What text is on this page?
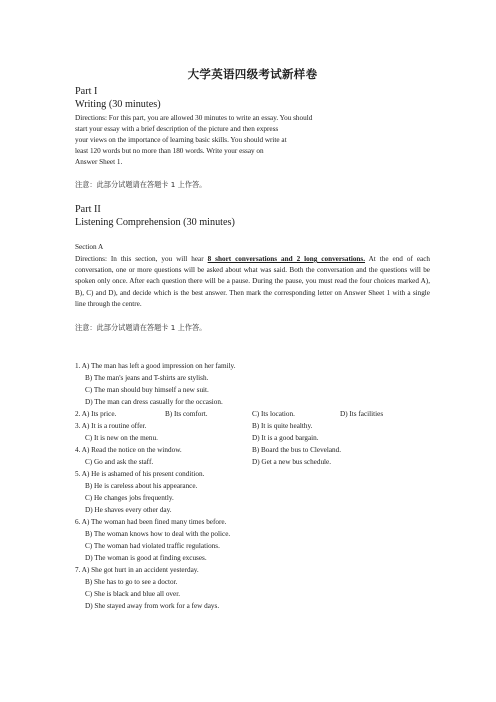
大学英语四级考试新样卷
Part I
Writing (30 minutes)
Directions: For this part, you are allowed 30 minutes to write an essay. You should
start your essay with a brief description of the picture and then express
your views on the importance of learning basic skills. You should write at
least 120 words but no more than 180 words. Write your essay on
Answer Sheet 1.
注意：此部分试题请在答题卡 1 上作答。
Part II
Listening Comprehension (30 minutes)
Section A
Directions: In this section, you will hear 8 short conversations and 2 long conversations. At the end of each conversation, one or more questions will be asked about what was said. Both the conversation and the questions will be spoken only once. After each question there will be a pause. During the pause, you must read the four choices marked A), B), C) and D), and decide which is the best answer. Then mark the corresponding letter on Answer Sheet 1 with a single line through the centre.
注意：此部分试题请在答题卡 1 上作答。
1. A) The man has left a good impression on her family.
B) The man's jeans and T-shirts are stylish.
C) The man should buy himself a new suit.
D) The man can dress casually for the occasion.
2. A) Its price.	B) Its comfort.	C) Its location.	D) Its facilities
3. A) It is a routine offer.	B) It is quite healthy.
C) It is new on the menu.	D) It is a good bargain.
4. A) Read the notice on the window.	B) Board the bus to Cleveland.
C) Go and ask the staff.	D) Get a new bus schedule.
5. A) He is ashamed of his present condition.
B) He is careless about his appearance.
C) He changes jobs frequently.
D) He shaves every other day.
6. A) The woman had been fined many times before.
B) The woman knows how to deal with the police.
C) The woman had violated traffic regulations.
D) The woman is good at finding excuses.
7. A) She got hurt in an accident yesterday.
B) She has to go to see a doctor.
C) She is black and blue all over.
D) She stayed away from work for a few days.
